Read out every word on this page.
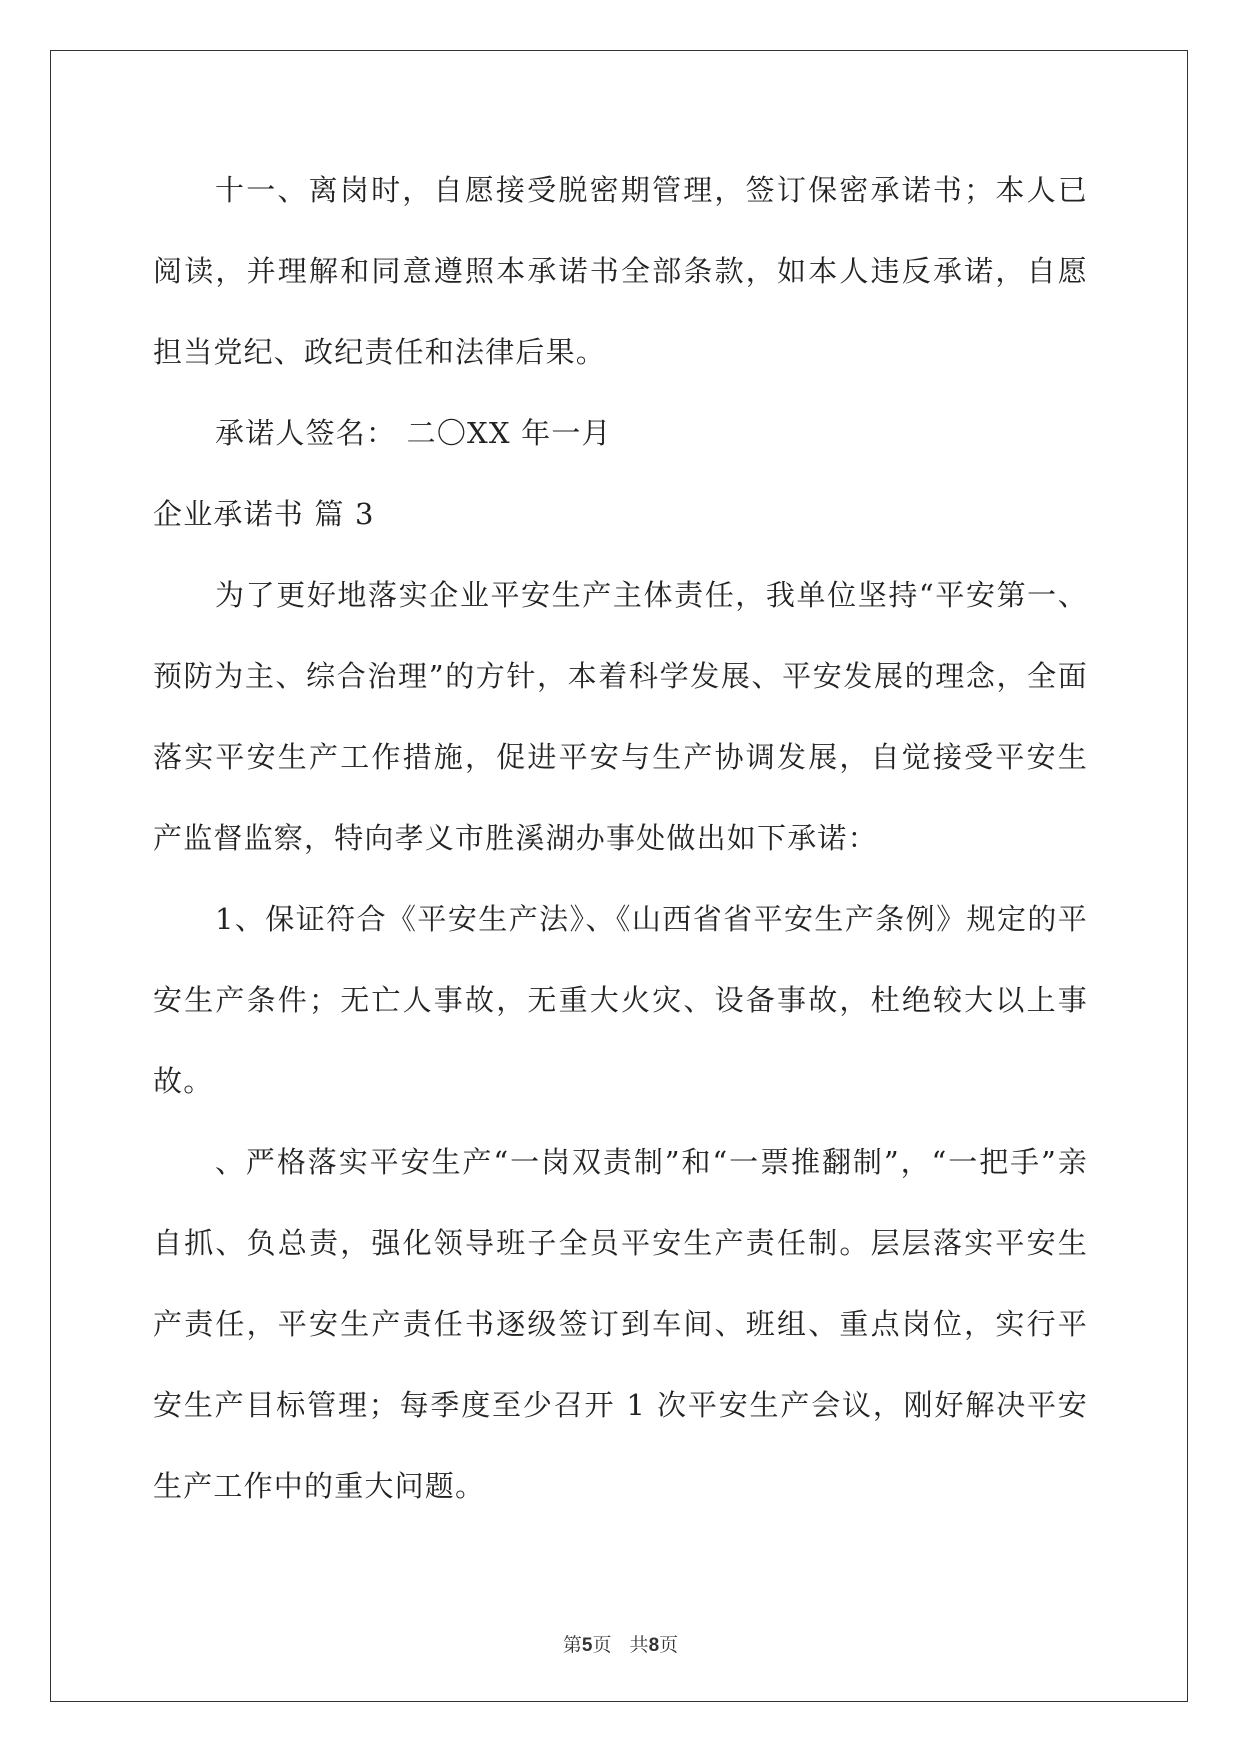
十一、离岗时，自愿接受脱密期管理，签订保密承诺书；本人已阅读，并理解和同意遵照本承诺书全部条款，如本人违反承诺，自愿担当党纪、政纪责任和法律后果。

承诺人签名： 二〇XX 年一月

企业承诺书 篇 3

为了更好地落实企业平安生产主体责任，我单位坚持“平安第一、预防为主、综合治理”的方针，本着科学发展、平安发展的理念，全面落实平安生产工作措施，促进平安与生产协调发展，自觉接受平安生产监督监察，特向孝义市胜溪湖办事处做出如下承诺：

1、保证符合《平安生产法》、《山西省省平安生产条例》规定的平安生产条件；无亡人事故，无重大火灾、设备事故，杜绝较大以上事故。

、严格落实平安生产“一岗双责制”和“一票推翻制”，“一把手”亲自抓、负总责，强化领导班子全员平安生产责任制。层层落实平安生产责任，平安生产责任书逐级签订到车间、班组、重点岗位，实行平安生产目标管理；每季度至少召开 1 次平安生产会议，刚好解决平安生产工作中的重大问题。

第5页   共8页
